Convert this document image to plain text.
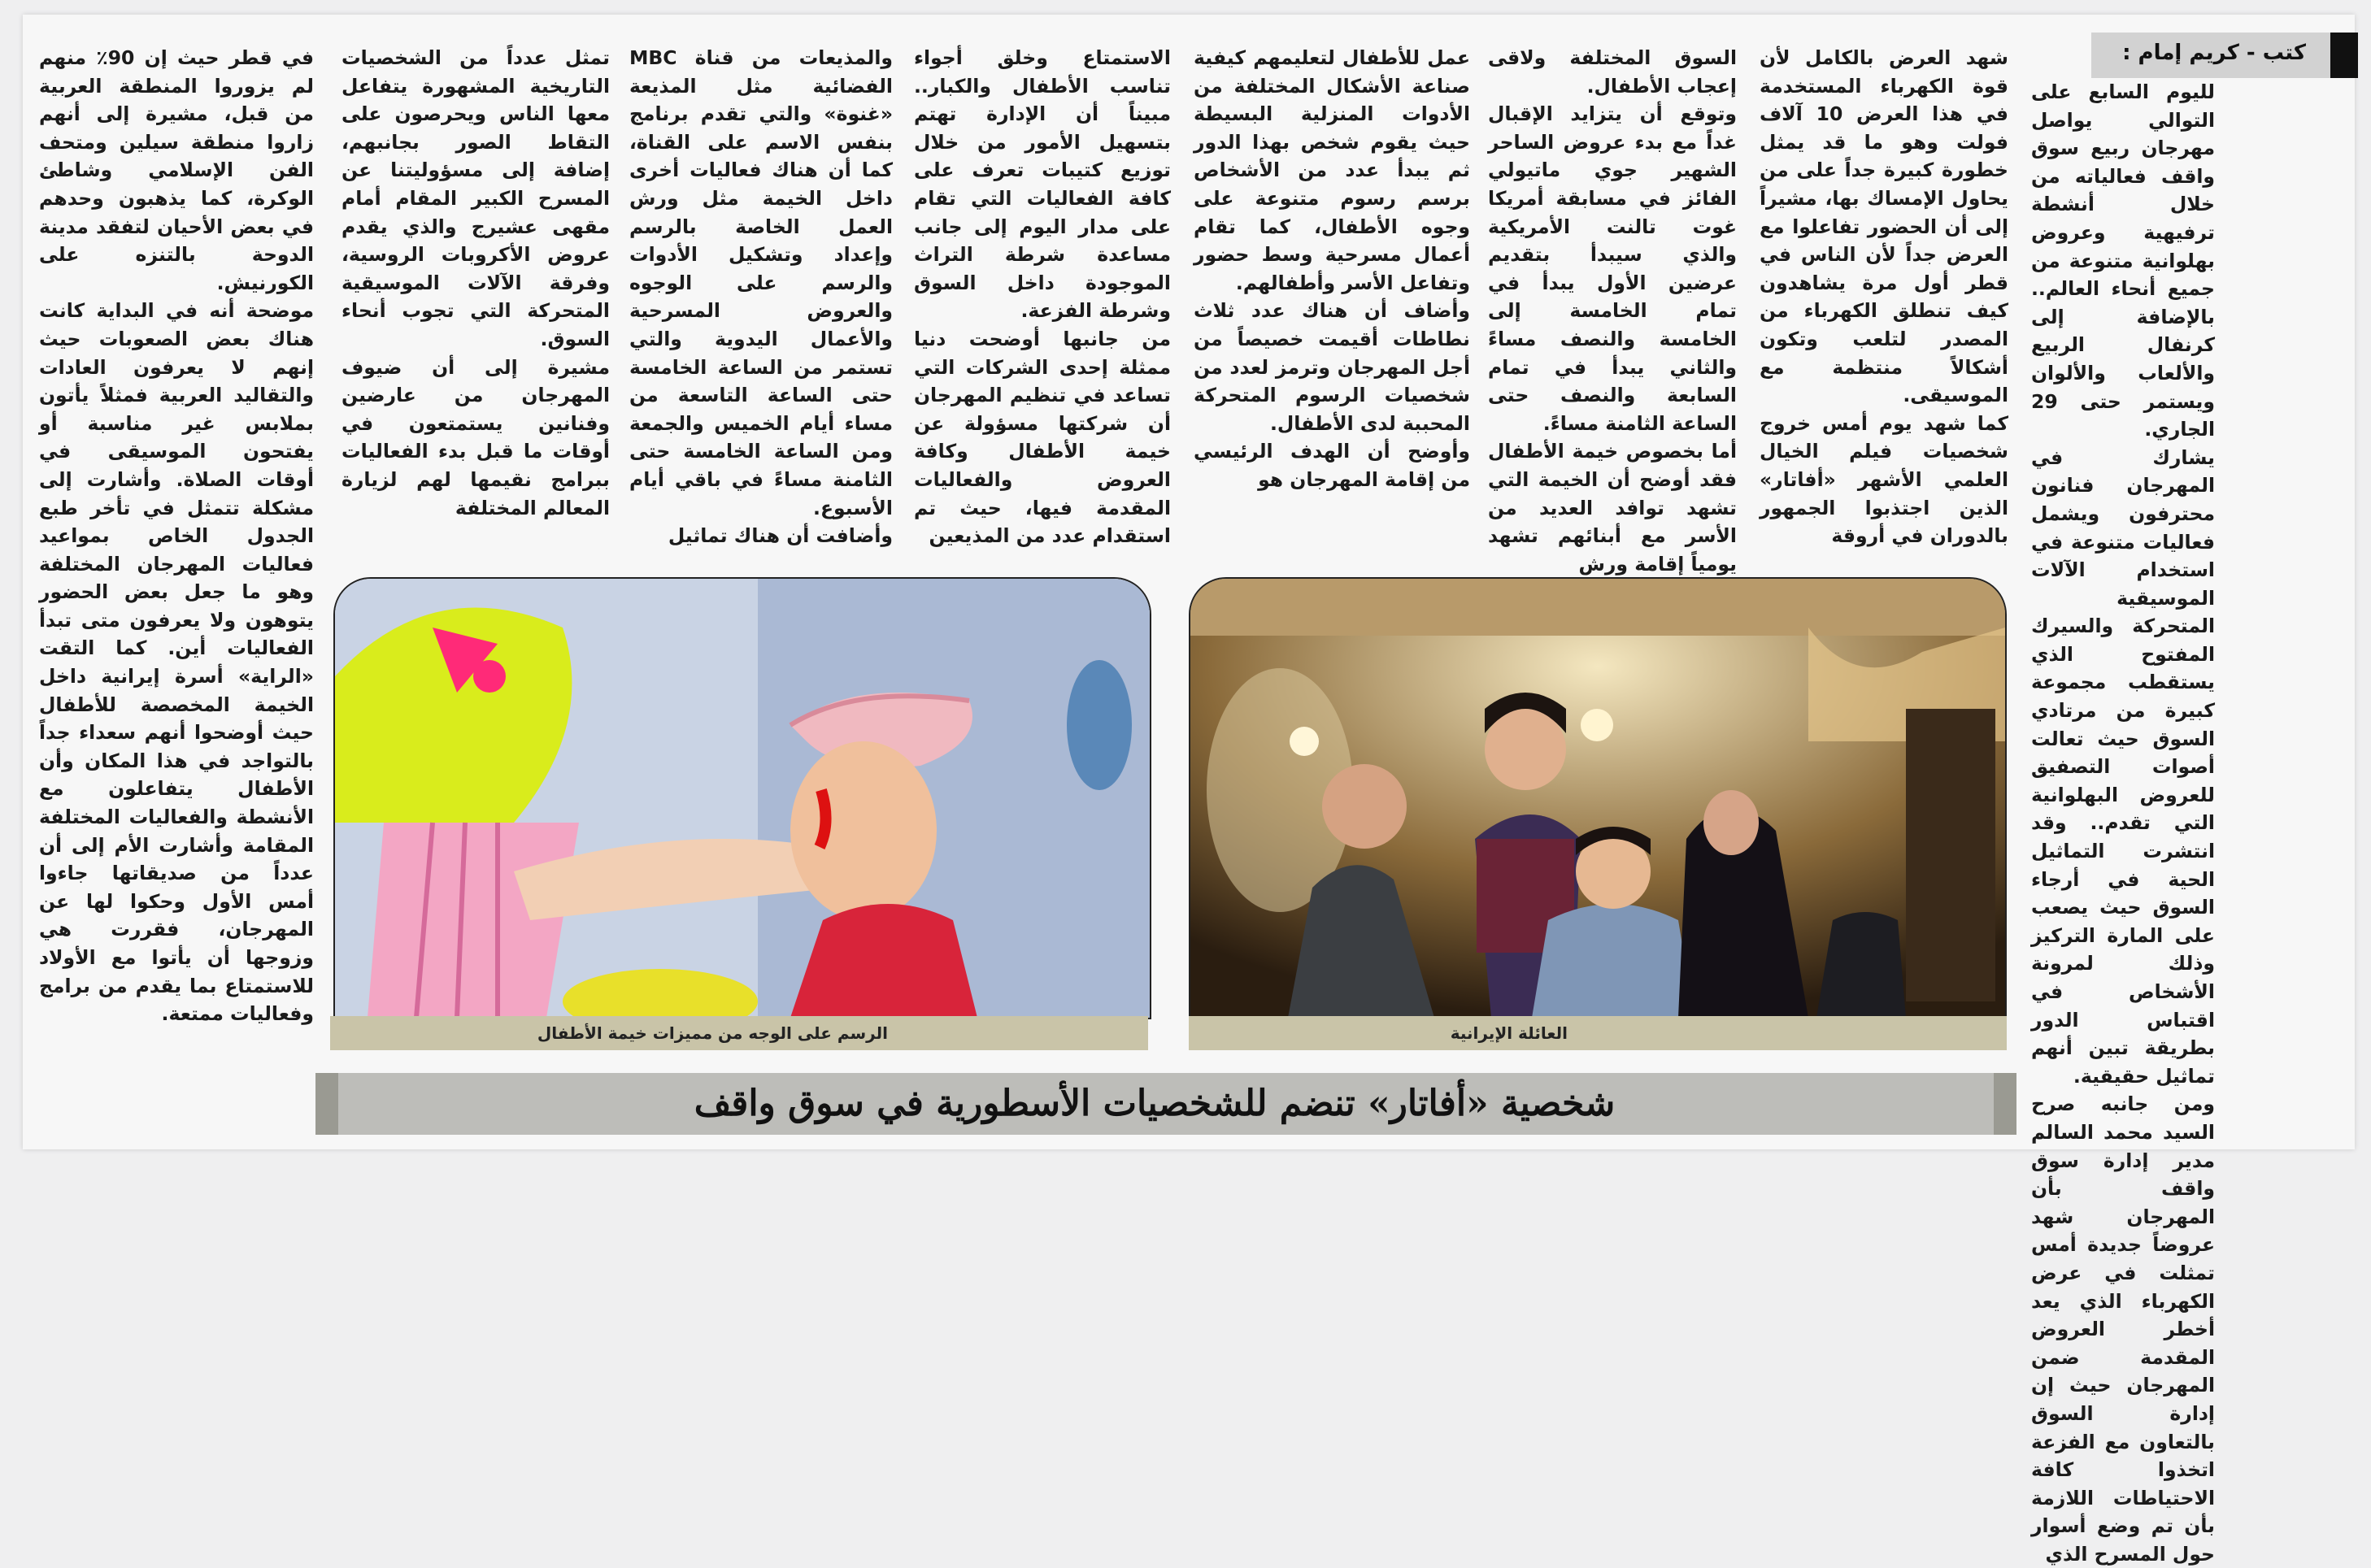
كتب - كريم إمام :

لليوم السابع على التوالي يواصل مهرجان ربيع سوق واقف فعالياته من خلال أنشطة ترفيهية وعروض بهلوانية متنوعة من جميع أنحاء العالم.. بالإضافة إلى كرنفال الربيع والألعاب والألوان ويستمر حتى 29 الجاري.
يشارك في المهرجان فنانون محترفون ويشمل فعاليات متنوعة في استخدام الآلات الموسيقية المتحركة والسيرك المفتوح الذي يستقطب مجموعة كبيرة من مرتادي السوق حيث تعالت أصوات التصفيق للعروض البهلوانية التي تقدم.. وقد انتشرت التماثيل الحية في أرجاء السوق حيث يصعب على المارة التركيز وذلك لمرونة الأشخاص في اقتباس الدور بطريقة تبين أنهم تماثيل حقيقية.
ومن جانبه صرح السيد محمد السالم مدير إدارة سوق واقف بأن المهرجان شهد عروضاً جديدة أمس تمثلت في عرض الكهرباء الذي يعد أخطر العروض المقدمة ضمن المهرجان حيث إن إدارة السوق بالتعاون مع الفزعة اتخذوا كافة الاحتياطات اللازمة بأن تم وضع أسوار حول المسرح الذي

شهد العرض بالكامل لأن قوة الكهرباء المستخدمة في هذا العرض 10 آلاف فولت وهو ما قد يمثل خطورة كبيرة جداً على من يحاول الإمساك بها، مشيراً إلى أن الحضور تفاعلوا مع العرض جداً لأن الناس في قطر أول مرة يشاهدون كيف تنطلق الكهرباء من المصدر لتلعب وتكون أشكالاً منتظمة مع الموسيقى.
كما شهد يوم أمس خروج شخصيات فيلم الخيال العلمي الأشهر «أفاتار» الذين اجتذبوا الجمهور بالدوران في أروقة

السوق المختلفة ولاقى إعجاب الأطفال.
وتوقع أن يتزايد الإقبال غداً مع بدء عروض الساحر الشهير جوي ماتيولي الفائز في مسابقة أمريكا غوت تالنت الأمريكية والذي سيبدأ بتقديم عرضين الأول يبدأ في تمام الخامسة إلى الخامسة والنصف مساءً والثاني يبدأ في تمام السابعة والنصف حتى الساعة الثامنة مساءً.
أما بخصوص خيمة الأطفال فقد أوضح أن الخيمة التي تشهد توافد العديد من الأسر مع أبنائهم تشهد يومياً إقامة ورش

عمل للأطفال لتعليمهم كيفية صناعة الأشكال المختلفة من الأدوات المنزلية البسيطة حيث يقوم شخص بهذا الدور ثم يبدأ عدد من الأشخاص برسم رسوم متنوعة على وجوه الأطفال، كما تقام أعمال مسرحية وسط حضور وتفاعل الأسر وأطفالهم.
وأضاف أن هناك عدد ثلاث نطاطات أقيمت خصيصاً من أجل المهرجان وترمز لعدد من شخصيات الرسوم المتحركة المحببة لدى الأطفال.
وأوضح أن الهدف الرئيسي من إقامة المهرجان هو

الاستمتاع وخلق أجواء تناسب الأطفال والكبار.. مبيناً أن الإدارة تهتم بتسهيل الأمور من خلال توزيع كتيبات تعرف على كافة الفعاليات التي تقام على مدار اليوم إلى جانب مساعدة شرطة التراث الموجودة داخل السوق وشرطة الفزعة.
من جانبها أوضحت دنيا ممثلة إحدى الشركات التي تساعد في تنظيم المهرجان أن شركتها مسؤولة عن خيمة الأطفال وكافة العروض والفعاليات المقدمة فيها، حيث تم استقدام عدد من المذيعين

والمذيعات من قناة MBC الفضائية مثل المذيعة «غنوة» والتي تقدم برنامج بنفس الاسم على القناة، كما أن هناك فعاليات أخرى داخل الخيمة مثل ورش العمل الخاصة بالرسم وإعداد وتشكيل الأدوات والرسم على الوجوه والعروض المسرحية والأعمال اليدوية والتي تستمر من الساعة الخامسة حتى الساعة التاسعة من مساء أيام الخميس والجمعة ومن الساعة الخامسة حتى الثامنة مساءً في باقي أيام الأسبوع.
وأضافت أن هناك تماثيل

تمثل عدداً من الشخصيات التاريخية المشهورة يتفاعل معها الناس ويحرصون على التقاط الصور بجانبهم، إضافة إلى مسؤوليتنا عن المسرح الكبير المقام أمام مقهى عشيرج والذي يقدم عروض الأكروبات الروسية، وفرقة الآلات الموسيقية المتحركة التي تجوب أنحاء السوق.
مشيرة إلى أن ضيوف المهرجان من عارضين وفنانين يستمتعون في أوقات ما قبل بدء الفعاليات ببرامج نقيمها لهم لزيارة المعالم المختلفة

في قطر حيث إن 90٪ منهم لم يزوروا المنطقة العربية من قبل، مشيرة إلى أنهم زاروا منطقة سيلين ومتحف الفن الإسلامي وشاطئ الوكرة، كما يذهبون وحدهم في بعض الأحيان لتفقد مدينة الدوحة بالتنزه على الكورنيش.
موضحة أنه في البداية كانت هناك بعض الصعوبات حيث إنهم لا يعرفون العادات والتقاليد العربية فمثلاً يأتون بملابس غير مناسبة أو يفتحون الموسيقى في أوقات الصلاة. وأشارت إلى مشكلة تتمثل في تأخر طبع الجدول الخاص بمواعيد فعاليات المهرجان المختلفة وهو ما جعل بعض الحضور يتوهون ولا يعرفون متى تبدأ الفعاليات أين. كما التقت «الراية» أسرة إيرانية داخل الخيمة المخصصة للأطفال حيث أوضحوا أنهم سعداء جداً بالتواجد في هذا المكان وأن الأطفال يتفاعلون مع الأنشطة والفعاليات المختلفة المقامة وأشارت الأم إلى أن عدداً من صديقاتها جاءوا أمس الأول وحكوا لها عن المهرجان، فقررت هي وزوجها أن يأتوا مع الأولاد للاستمتاع بما يقدم من برامج وفعاليات ممتعة.

العائلة الإيرانية
الرسم على الوجه من مميزات خيمة الأطفال
شخصية «أفاتار» تنضم للشخصيات الأسطورية في سوق واقف
